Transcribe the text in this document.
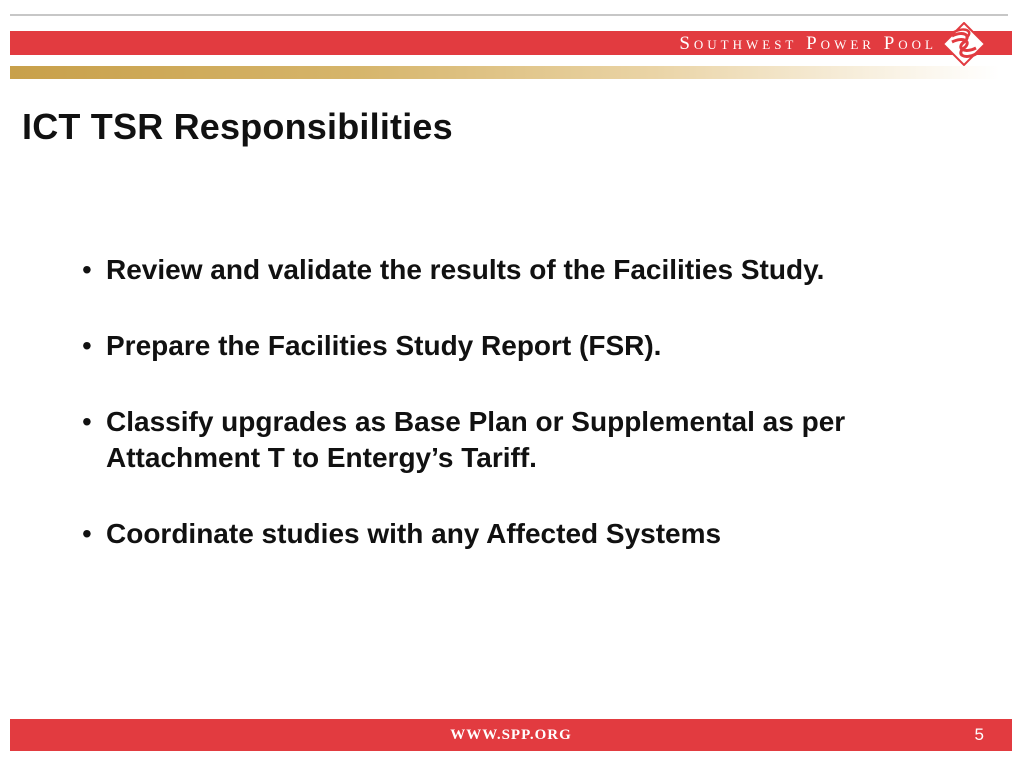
Southwest Power Pool
ICT TSR Responsibilities
• Review and validate the results of the Facilities Study.
• Prepare the Facilities Study Report (FSR).
• Classify upgrades as Base Plan or Supplemental as per Attachment T to Entergy’s Tariff.
• Coordinate studies with any Affected Systems
WWW.SPP.ORG	5
